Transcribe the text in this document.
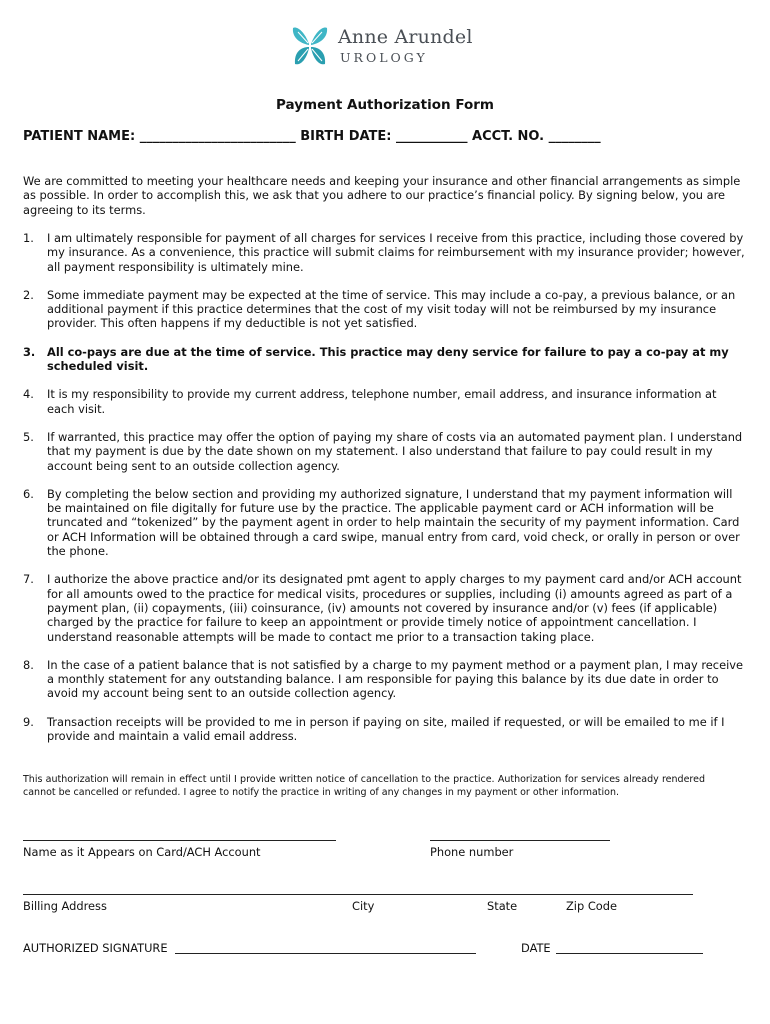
Anne Arundel
UROLOGY
Payment Authorization Form
PATIENT NAME: ________________________ BIRTH DATE: ___________ ACCT. NO. ________
We are committed to meeting your healthcare needs and keeping your insurance and other financial arrangements as simple as possible. In order to accomplish this, we ask that you adhere to our practice’s financial policy. By signing below, you are agreeing to its terms.
1. I am ultimately responsible for payment of all charges for services I receive from this practice, including those covered by my insurance. As a convenience, this practice will submit claims for reimbursement with my insurance provider; however, all payment responsibility is ultimately mine.
2. Some immediate payment may be expected at the time of service. This may include a co-pay, a previous balance, or an additional payment if this practice determines that the cost of my visit today will not be reimbursed by my insurance provider. This often happens if my deductible is not yet satisfied.
3. All co-pays are due at the time of service. This practice may deny service for failure to pay a co-pay at my scheduled visit.
4. It is my responsibility to provide my current address, telephone number, email address, and insurance information at each visit.
5. If warranted, this practice may offer the option of paying my share of costs via an automated payment plan. I understand that my payment is due by the date shown on my statement. I also understand that failure to pay could result in my account being sent to an outside collection agency.
6. By completing the below section and providing my authorized signature, I understand that my payment information will be maintained on file digitally for future use by the practice. The applicable payment card or ACH information will be truncated and “tokenized” by the payment agent in order to help maintain the security of my payment information. Card or ACH Information will be obtained through a card swipe, manual entry from card, void check, or orally in person or over the phone.
7. I authorize the above practice and/or its designated pmt agent to apply charges to my payment card and/or ACH account for all amounts owed to the practice for medical visits, procedures or supplies, including (i) amounts agreed as part of a payment plan, (ii) copayments, (iii) coinsurance, (iv) amounts not covered by insurance and/or (v) fees (if applicable) charged by the practice for failure to keep an appointment or provide timely notice of appointment cancellation. I understand reasonable attempts will be made to contact me prior to a transaction taking place.
8. In the case of a patient balance that is not satisfied by a charge to my payment method or a payment plan, I may receive a monthly statement for any outstanding balance. I am responsible for paying this balance by its due date in order to avoid my account being sent to an outside collection agency.
9. Transaction receipts will be provided to me in person if paying on site, mailed if requested, or will be emailed to me if I provide and maintain a valid email address.
This authorization will remain in effect until I provide written notice of cancellation to the practice. Authorization for services already rendered cannot be cancelled or refunded. I agree to notify the practice in writing of any changes in my payment or other information.
Name as it Appears on Card/ACH Account	Phone number
Billing Address	City	State	Zip Code
AUTHORIZED SIGNATURE	DATE
